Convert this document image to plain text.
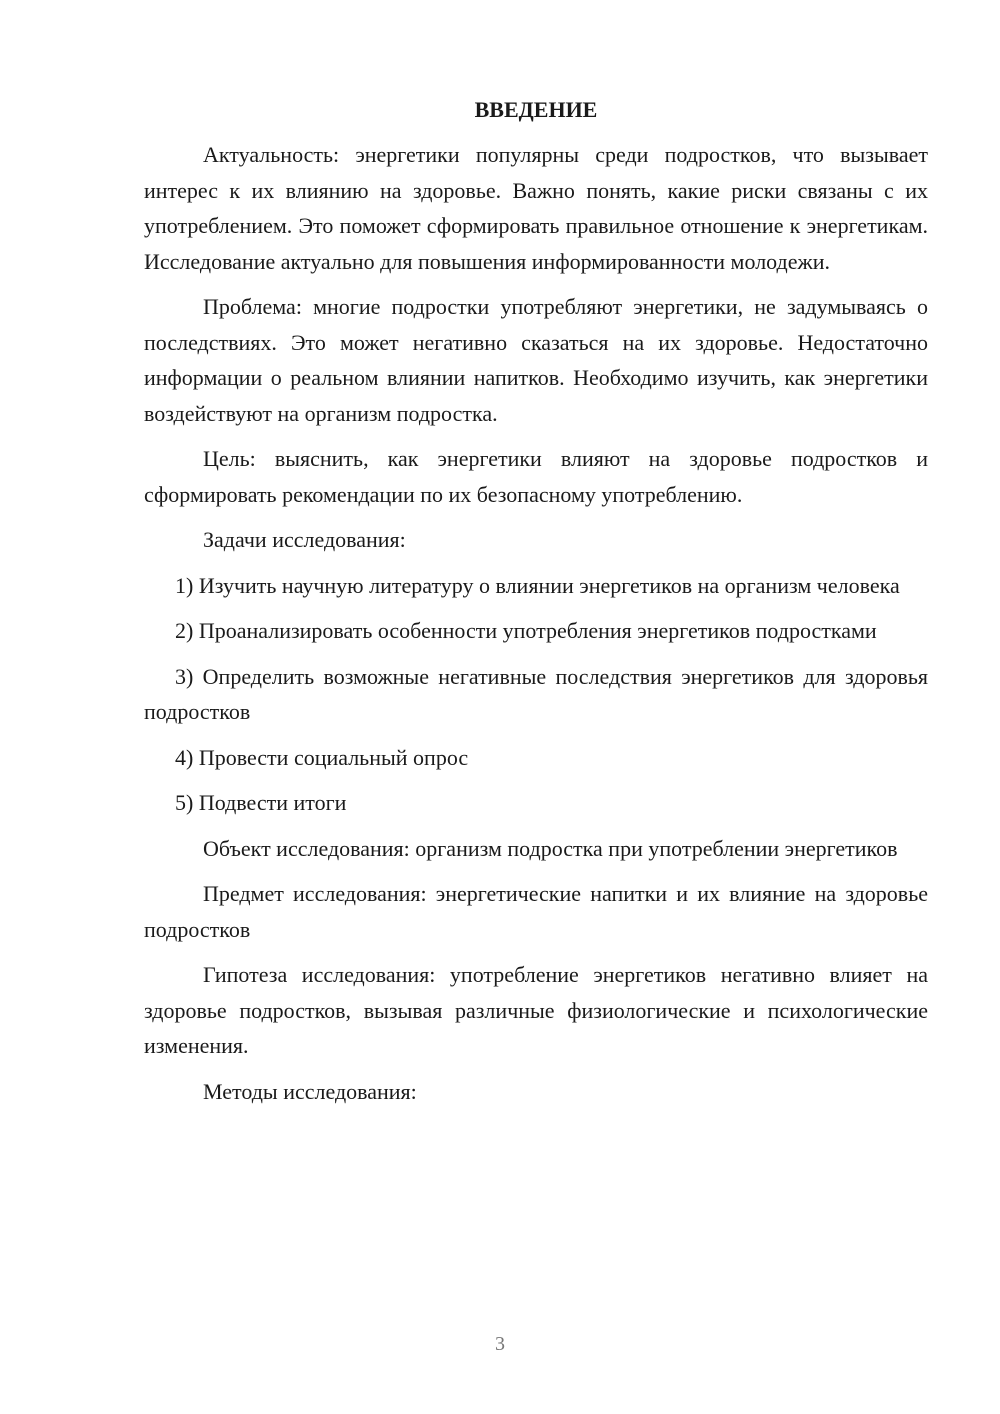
ВВЕДЕНИЕ

Актуальность: энергетики популярны среди подростков, что вызывает интерес к их влиянию на здоровье. Важно понять, какие риски связаны с их употреблением. Это поможет сформировать правильное отношение к энергетикам. Исследование актуально для повышения информированности молодежи.

Проблема: многие подростки употребляют энергетики, не задумываясь о последствиях. Это может негативно сказаться на их здоровье. Недостаточно информации о реальном влиянии напитков. Необходимо изучить, как энергетики воздействуют на организм подростка.

Цель: выяснить, как энергетики влияют на здоровье подростков и сформировать рекомендации по их безопасному употреблению.

Задачи исследования:

1) Изучить научную литературу о влиянии энергетиков на организм человека

2) Проанализировать особенности употребления энергетиков подростками

3) Определить возможные негативные последствия энергетиков для здоровья подростков

4) Провести социальный опрос

5) Подвести итоги

Объект исследования: организм подростка при употреблении энергетиков

Предмет исследования: энергетические напитки и их влияние на здоровье подростков

Гипотеза исследования: употребление энергетиков негативно влияет на здоровье подростков, вызывая различные физиологические и психологические изменения.

Методы исследования:

3
